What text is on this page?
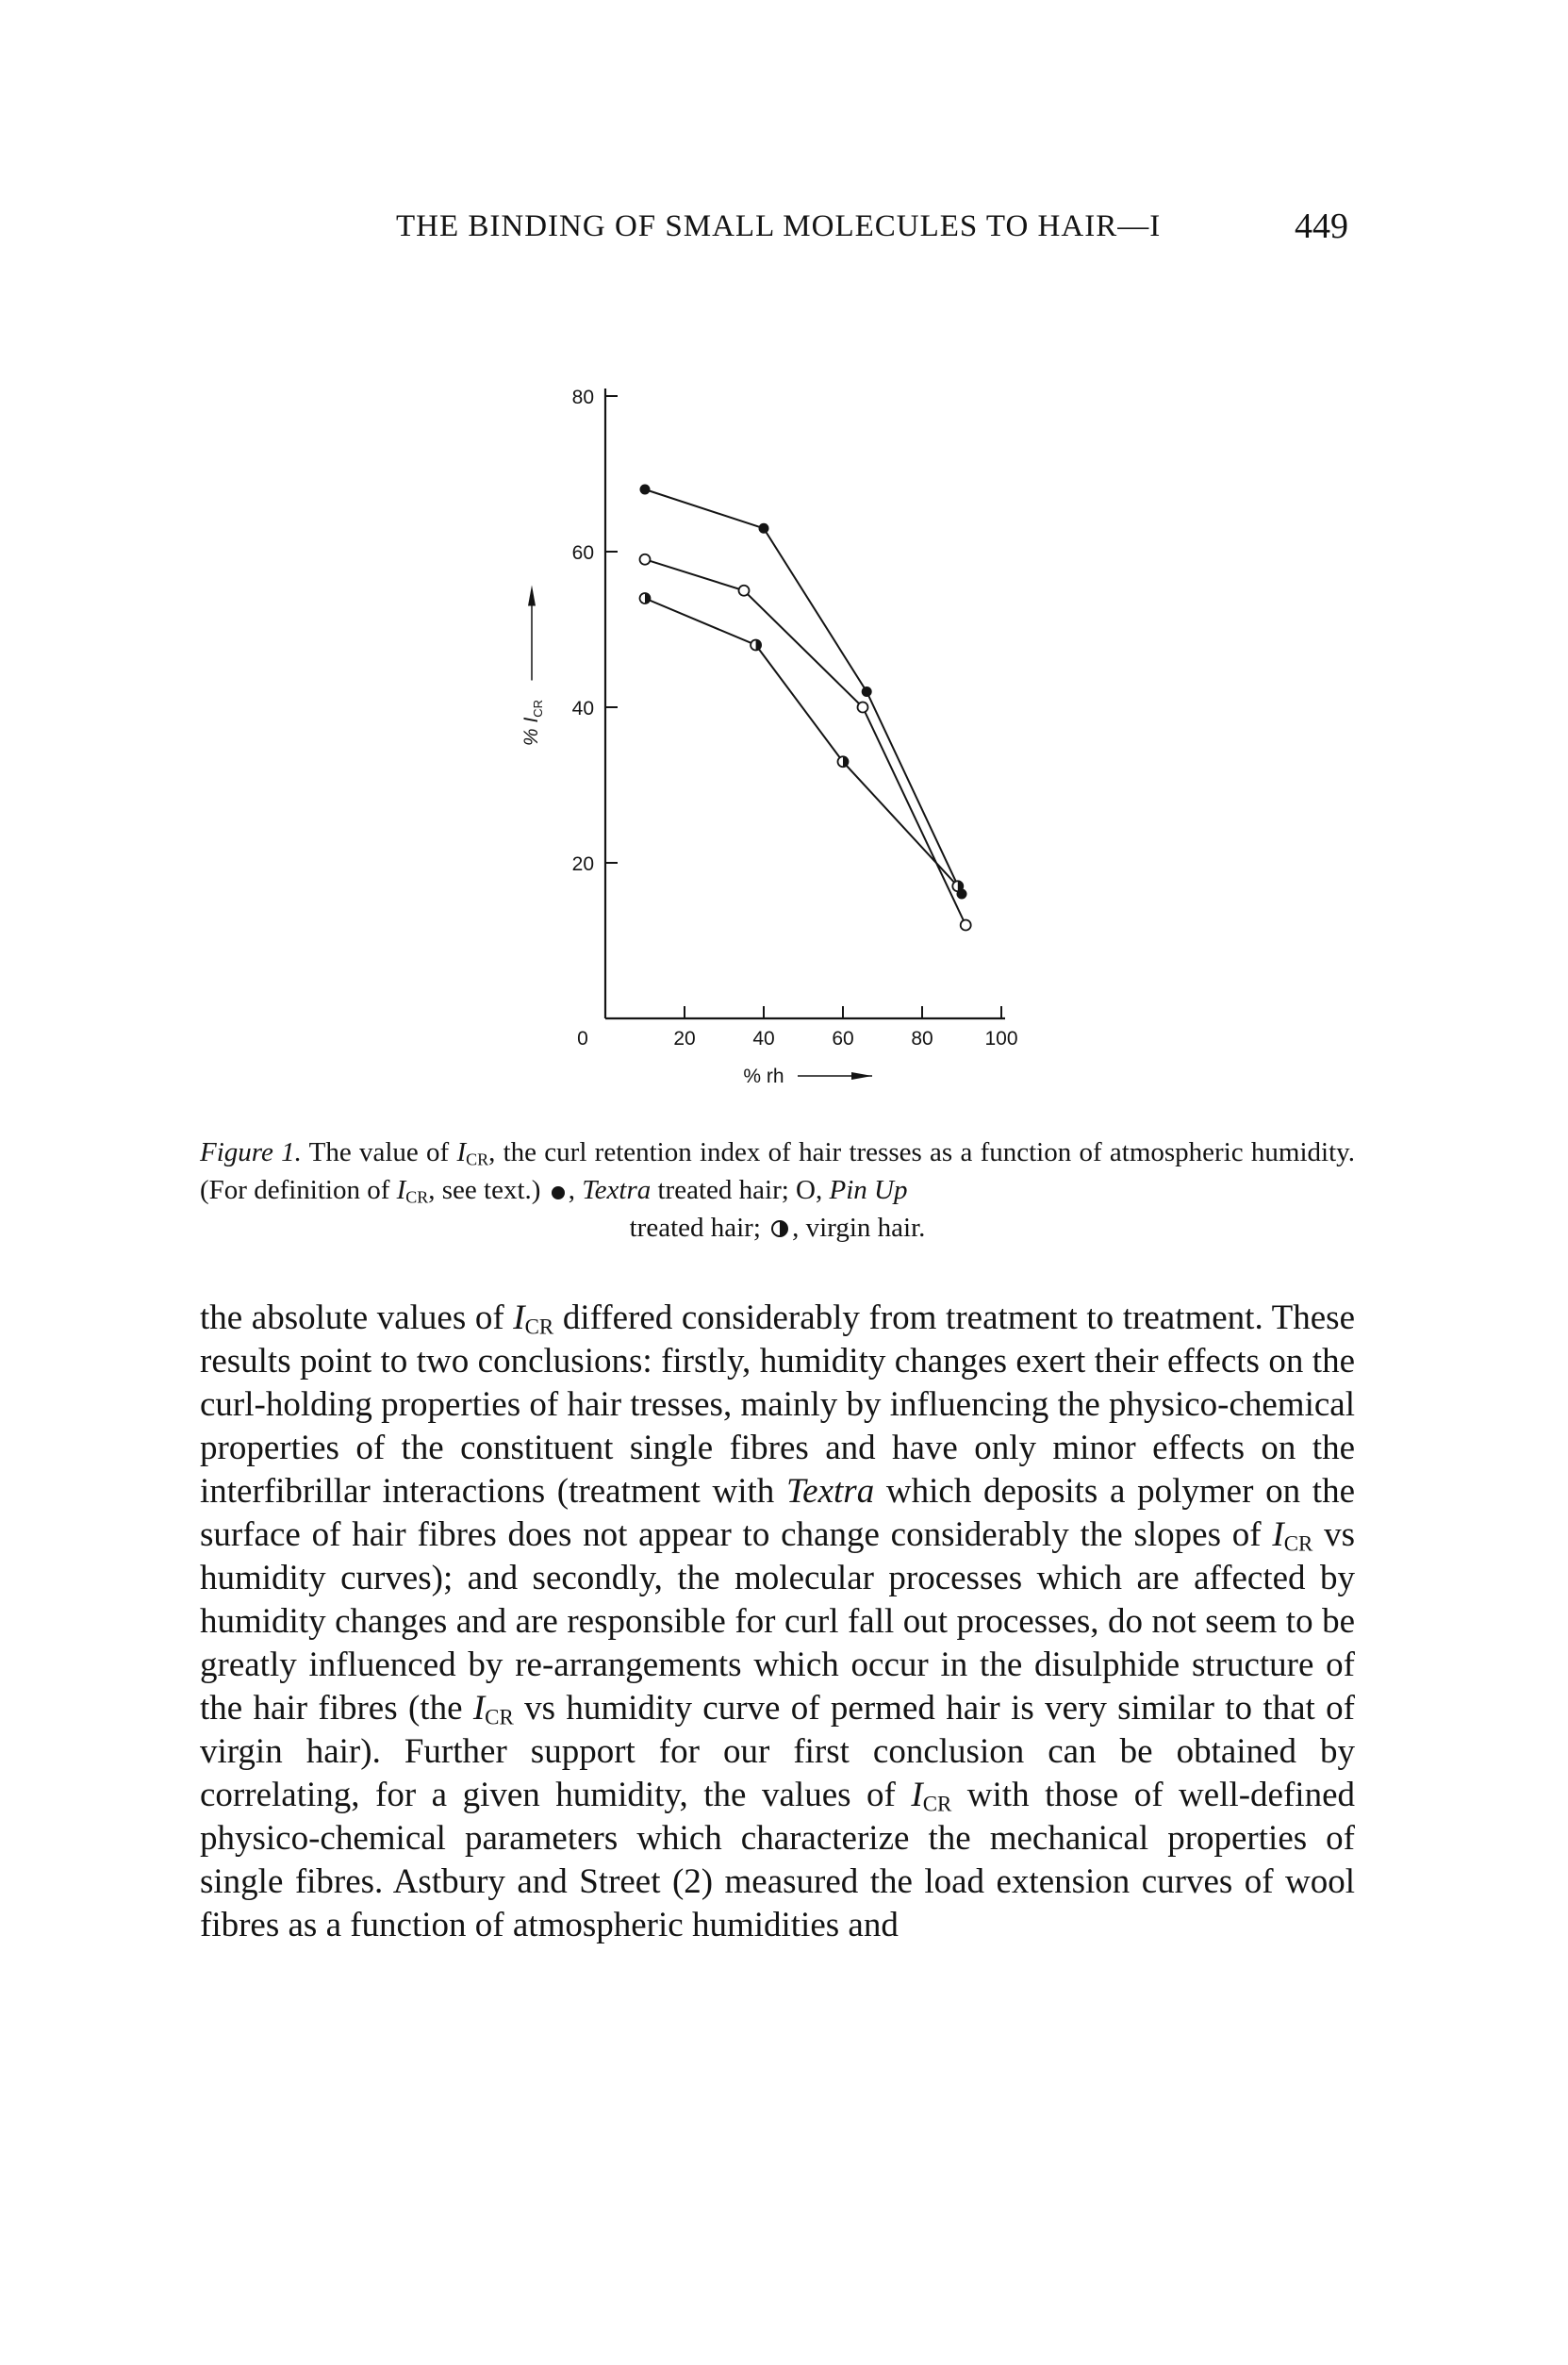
THE BINDING OF SMALL MOLECULES TO HAIR—I	449
20
40
60
80
20	40	60	80	100
0
% rh
% $I_{CR}$
Figure 1. The value of $I_{CR}$, the curl retention index of hair tresses as a function of atmospheric humidity. (For definition of $I_{CR}$, see text.) , Textra treated hair; O, Pin Up
treated hair; , virgin hair.

the absolute values of $I_{CR}$ differed considerably from treatment to treatment. These results point to two conclusions: firstly, humidity changes exert their effects on the curl-holding properties of hair tresses, mainly by influencing the physico-chemical properties of the constituent single fibres and have only minor effects on the interfibrillar interactions (treatment with Textra which deposits a polymer on the surface of hair fibres does not appear to change considerably the slopes of $I_{CR}$ vs humidity curves); and secondly, the molecular processes which are affected by humidity changes and are responsible for curl fall out processes, do not seem to be greatly influenced by re-arrangements which occur in the disulphide structure of the hair fibres (the $I_{CR}$ vs humidity curve of permed hair is very similar to that of virgin hair). Further support for our first conclusion can be obtained by correlating, for a given humidity, the values of $I_{CR}$ with those of well-defined physico-chemical parameters which characterize the mechanical properties of single fibres. Astbury and Street (2) measured the load extension curves of wool fibres as a function of atmospheric humidities and
